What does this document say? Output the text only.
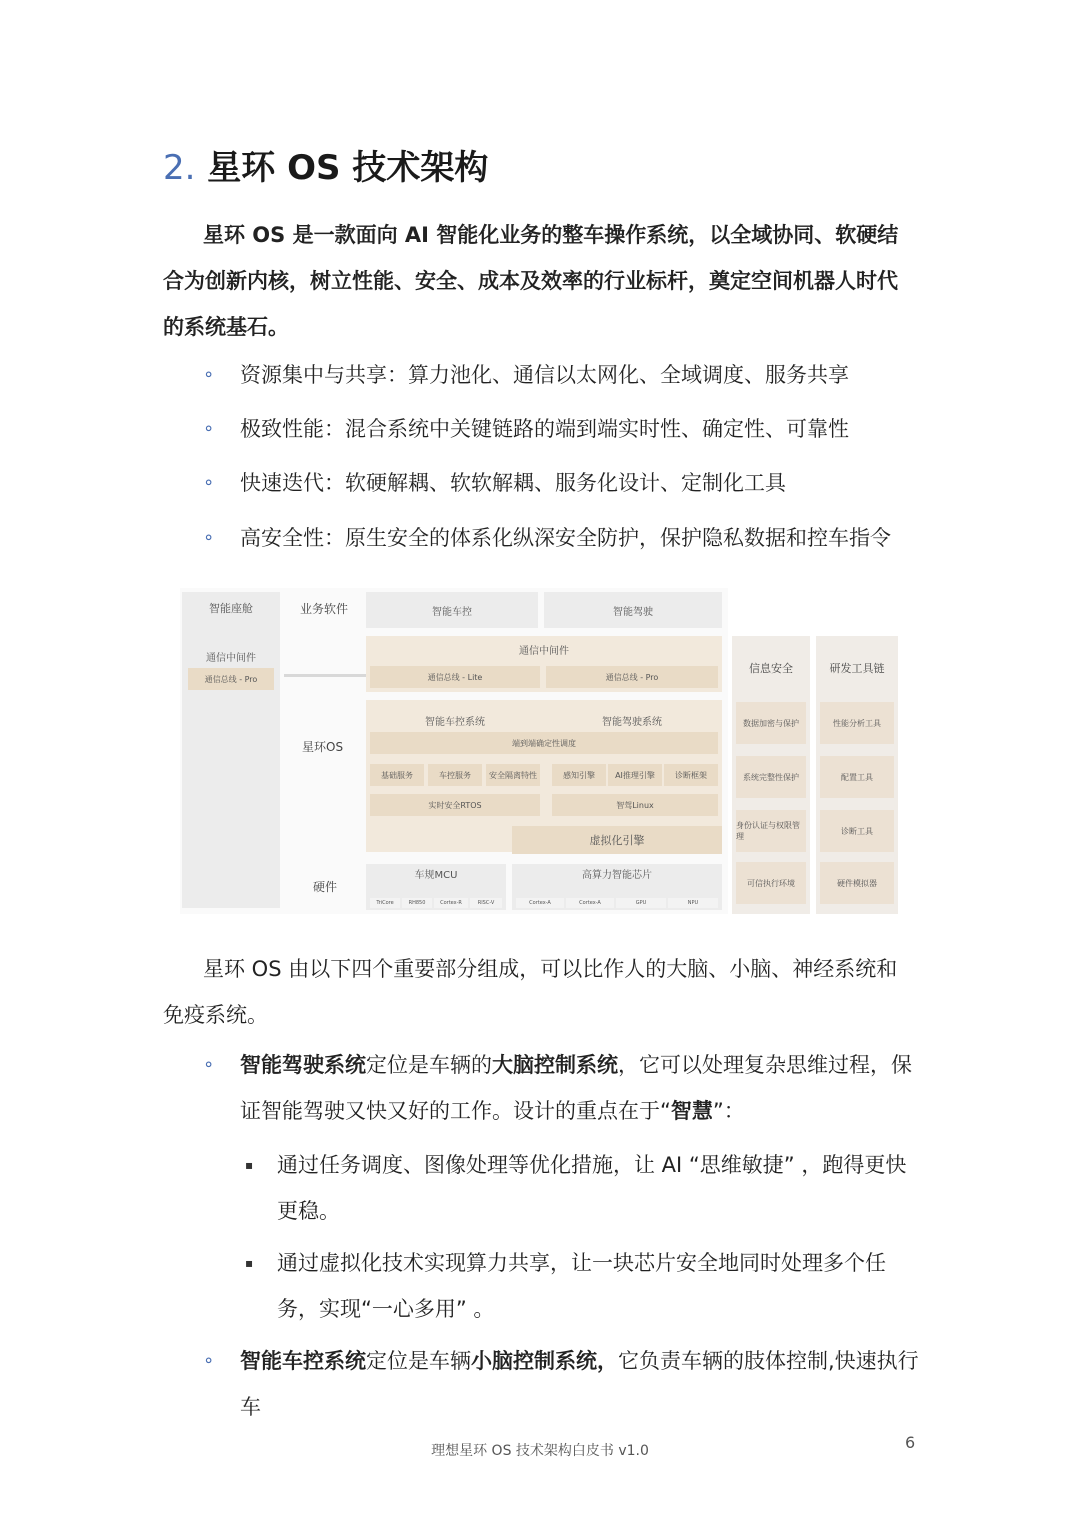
2. 星环 OS 技术架构
星环 OS 是一款面向 AI 智能化业务的整车操作系统，以全域协同、软硬结合为创新内核，树立性能、安全、成本及效率的行业标杆，奠定空间机器人时代的系统基石。
∘ 资源集中与共享：算力池化、通信以太网化、全域调度、服务共享
∘ 极致性能：混合系统中关键链路的端到端实时性、确定性、可靠性
∘ 快速迭代：软硬解耦、软软解耦、服务化设计、定制化工具
∘ 高安全性：原生安全的体系化纵深安全防护，保护隐私数据和控车指令
智能座舱
通信中间件
通信总线 - Pro
业务软件
星环OS
硬件
智能车控	智能驾驶
通信中间件
通信总线 - Lite	通信总线 - Pro
智能车控系统	智能驾驶系统
端到端确定性调度
基础服务	车控服务	安全隔离特性	感知引擎	AI推理引擎	诊断框架
实时安全RTOS	智驾Linux
虚拟化引擎
车规MCU
TriCore	RH850	Cortex-R	RISC-V
高算力智能芯片
Cortex-A	Cortex-A	GPU	NPU
信息安全
数据加密与保护
系统完整性保护
身份认证与权限管理
可信执行环境
研发工具链
性能分析工具
配置工具
诊断工具
硬件模拟器
星环 OS 由以下四个重要部分组成，可以比作人的大脑、小脑、神经系统和免疫系统。
∘ 智能驾驶系统定位是车辆的大脑控制系统，它可以处理复杂思维过程，保证智能驾驶又快又好的工作。设计的重点在于“智慧”：
▪ 通过任务调度、图像处理等优化措施，让 AI “思维敏捷” ，跑得更快更稳。
▪ 通过虚拟化技术实现算力共享，让一块芯片安全地同时处理多个任务，实现“一心多用” 。
∘ 智能车控系统定位是车辆小脑控制系统，它负责车辆的肢体控制,快速执行车
理想星环 OS 技术架构白皮书 v1.0	6
